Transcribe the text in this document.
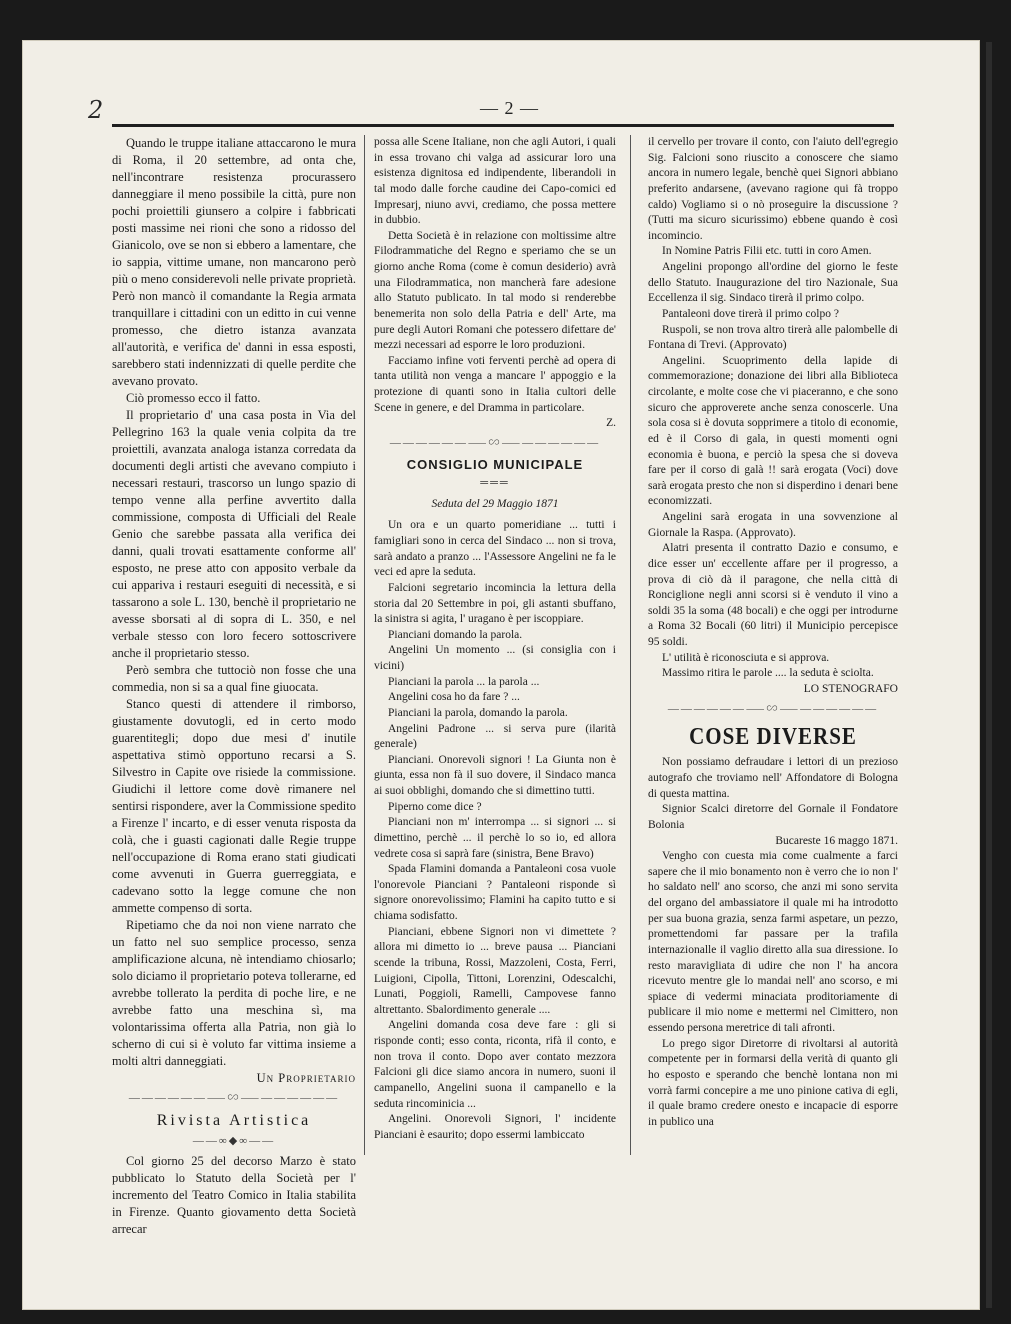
2	— 2 —

Quando le truppe italiane attaccarono le mura di Roma, il 20 settembre, ad onta che, nell'incontrare resistenza procurassero danneggiare il meno possibile la città, pure non pochi proiettili giunsero a colpire i fabbricati posti massime nei rioni che sono a ridosso del Gianicolo, ove se non si ebbero a lamentare, che io sappia, vittime umane, non mancarono però più o meno considerevoli nelle private proprietà. Però non mancò il comandante la Regia armata tranquillare i cittadini con un editto in cui venne promesso, che dietro istanza avanzata all'autorità, e verifica de' danni in essa esposti, sarebbero stati indennizzati di quelle perdite che avevano provato.

Ciò promesso ecco il fatto.

Il proprietario d' una casa posta in Via del Pellegrino 163 la quale venia colpita da tre proiettili, avanzata analoga istanza corredata da documenti degli artisti che avevano compiuto i necessari restauri, trascorso un lungo spazio di tempo venne alla perfine avvertito dalla commissione, composta di Ufficiali del Reale Genio che sarebbe passata alla verifica dei danni, quali trovati esattamente conforme all' esposto, ne prese atto con apposito verbale da cui appariva i restauri eseguiti di necessità, e si tassarono a sole L. 130, benchè il proprietario ne avesse sborsati al di sopra di L. 350, e nel verbale stesso con loro fecero sottoscrivere anche il proprietario stesso.

Però sembra che tuttociò non fosse che una commedia, non si sa a qual fine giuocata.

Stanco questi di attendere il rimborso, giustamente dovutogli, ed in certo modo guarentitegli; dopo due mesi d' inutile aspettativa stimò opportuno recarsi a S. Silvestro in Capite ove risiede la commissione. Giudichi il lettore come dovè rimanere nel sentirsi rispondere, aver la Commissione spedito a Firenze l' incarto, e di esser venuta risposta da colà, che i guasti cagionati dalle Regie truppe nell'occupazione di Roma erano stati giudicati come avvenuti in Guerra guerreggiata, e cadevano sotto la legge comune che non ammette compenso di sorta.

Ripetiamo che da noi non viene narrato che un fatto nel suo semplice processo, senza amplificazione alcuna, nè intendiamo chiosarlo; solo diciamo il proprietario poteva tollerarne, ed avrebbe tollerato la perdita di poche lire, e ne avrebbe fatto una meschina sì, ma volontarissima offerta alla Patria, non già lo scherno di cui si è voluto far vittima insieme a molti altri danneggiati.

Un Proprietario

——————⸺∽⸺——————

Rivista Artistica

——∞◆∞——

Col giorno 25 del decorso Marzo è stato pubblicato lo Statuto della Società per l' incremento del Teatro Comico in Italia stabilita in Firenze. Quanto giovamento detta Società arrecar

possa alle Scene Italiane, non che agli Autori, i quali in essa trovano chi valga ad assicurar loro una esistenza dignitosa ed indipendente, liberandoli in tal modo dalle forche caudine dei Capo-comici ed Impresarj, niuno avvi, crediamo, che possa mettere in dubbio.

Detta Società è in relazione con moltissime altre Filodrammatiche del Regno e speriamo che se un giorno anche Roma (come è comun desiderio) avrà una Filodrammatica, non mancherà fare adesione allo Statuto publicato. In tal modo si renderebbe benemerita non solo della Patria e dell' Arte, ma pure degli Autori Romani che potessero difettare de' mezzi necessari ad esporre le loro produzioni.

Facciamo infine voti ferventi perchè ad opera di tanta utilità non venga a mancare l' appoggio e la protezione di quanti sono in Italia cultori delle Scene in genere, e del Dramma in particolare.

Z.

——————⸺∽⸺——————

CONSIGLIO MUNICIPALE

═══

Seduta del 29 Maggio 1871

Un ora e un quarto pomeridiane ... tutti i famigliari sono in cerca del Sindaco ... non si trova, sarà andato a pranzo ... l'Assessore Angelini ne fa le veci ed apre la seduta.

Falcioni segretario incomincia la lettura della storia dal 20 Settembre in poi, gli astanti sbuffano, la sinistra si agita, l' uragano è per iscoppiare.

Pianciani domando la parola.

Angelini Un momento ... (si consiglia con i vicini)

Pianciani la parola ... la parola ...

Angelini cosa ho da fare ? ...

Pianciani la parola, domando la parola.

Angelini Padrone ... si serva pure (ilarità generale)

Pianciani. Onorevoli signori ! La Giunta non è giunta, essa non fà il suo dovere, il Sindaco manca ai suoi obblighi, domando che si dimettino tutti.

Piperno come dice ?

Pianciani non m' interrompa ... si signori ... si dimettino, perchè ... il perchè lo so io, ed allora vedrete cosa si saprà fare (sinistra, Bene Bravo)

Spada Flamini domanda a Pantaleoni cosa vuole l'onorevole Pianciani ? Pantaleoni risponde sì signore onorevolissimo; Flamini ha capito tutto e si chiama sodisfatto.

Pianciani, ebbene Signori non vi dimettete ? allora mi dimetto io ... breve pausa ... Pianciani scende la tribuna, Rossi, Mazzoleni, Costa, Ferri, Luigioni, Cipolla, Tittoni, Lorenzini, Odescalchi, Lunati, Poggioli, Ramelli, Campovese fanno altrettanto. Sbalordimento generale ....

Angelini domanda cosa deve fare : gli si risponde conti; esso conta, riconta, rifà il conto, e non trova il conto. Dopo aver contato mezzora Falcioni gli dice siamo ancora in numero, suoni il campanello, Angelini suona il campanello e la seduta rincominicia ...

Angelini. Onorevoli Signori, l' incidente Pianciani è esaurito; dopo essermi lambiccato

il cervello per trovare il conto, con l'aiuto dell'egregio Sig. Falcioni sono riuscito a conoscere che siamo ancora in numero legale, benchè quei Signori abbiano preferito andarsene, (avevano ragione qui fà troppo caldo) Vogliamo si o nò proseguire la discussione ? (Tutti ma sicuro sicurissimo) ebbene quando è così incomincio.

In Nomine Patris Filii etc. tutti in coro Amen.

Angelini propongo all'ordine del giorno le feste dello Statuto. Inaugurazione del tiro Nazionale, Sua Eccellenza il sig. Sindaco tirerà il primo colpo.

Pantaleoni dove tirerà il primo colpo ?

Ruspoli, se non trova altro tirerà alle palombelle di Fontana di Trevi. (Approvato)

Angelini. Scuoprimento della lapide di commemorazione; donazione dei libri alla Biblioteca circolante, e molte cose che vi piaceranno, e che sono sicuro che approverete anche senza conoscerle. Una sola cosa si è dovuta sopprimere a titolo di economie, ed è il Corso di gala, in questi momenti ogni economia è buona, e perciò la spesa che si doveva fare per il corso di galà !! sarà erogata (Voci) dove sarà erogata presto che non si disperdino i denari bene economizzati.

Angelini sarà erogata in una sovvenzione al Giornale la Raspa. (Approvato).

Alatri presenta il contratto Dazio e consumo, e dice esser un' eccellente affare per il progresso, a prova di ciò dà il paragone, che nella città di Ronciglione negli anni scorsi si è venduto il vino a soldi 35 la soma (48 bocali) e che oggi per introdurne a Roma 32 Bocali (60 litri) il Municipio percepisce 95 soldi.

L' utilità è riconosciuta e si approva.

Massimo ritira le parole .... la seduta è sciolta.

LO STENOGRAFO

——————⸺∽⸺——————

COSE DIVERSE

Non possiamo defraudare i lettori di un prezioso autografo che troviamo nell' Affondatore di Bologna di questa mattina.

Signior Scalci diretorre del Gornale il Fondatore Bolonia

Bucareste 16 maggo 1871.

Vengho con cuesta mia come cualmente a farci sapere che il mio bonamento non è verro che io non l' ho saldato nell' ano scorso, che anzi mi sono servita del organo del ambassiatore il quale mi ha introdotto per sua buona grazia, senza farmi aspetare, un pezzo, promettendomi far passare per la trafila internazionalle il vaglio diretto alla sua diressione. Io resto maravigliata di udire che non l' ha ancora ricevuto mentre gle lo mandai nell' ano scorso, e mi spiace di vedermi minaciata proditoriamente di publicare il mio nome e mettermi nel Cimittero, non essendo persona meretrice di tali afronti.

Lo prego sigor Diretorre di rivoltarsi al autorità competente per in formarsi della verità di quanto gli ho esposto e sperando che benchè lontana non mi vorrà farmi concepire a me uno pinione cativa di egli, il quale bramo credere onesto e incapacie di esporre in publico una
